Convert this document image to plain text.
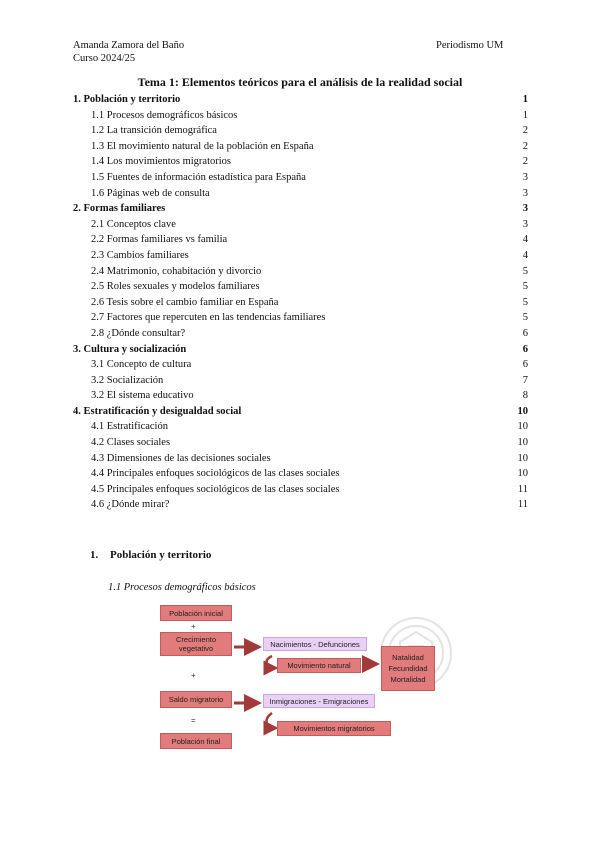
Amanda Zamora del Baño
Curso 2024/25
Periodismo UM
Tema 1: Elementos teóricos para el análisis de la realidad social
1. Población y territorio	1
1.1 Procesos demográficos básicos	1
1.2 La transición demográfica	2
1.3 El movimiento natural de la población en España	2
1.4 Los movimientos migratorios	2
1.5 Fuentes de información estadística para España	3
1.6 Páginas web de consulta	3
2. Formas familiares	3
2.1 Conceptos clave	3
2.2 Formas familiares vs familia	4
2.3 Cambios familiares	4
2.4 Matrimonio, cohabitación y divorcio	5
2.5 Roles sexuales y modelos familiares	5
2.6 Tesis sobre el cambio familiar en España	5
2.7 Factores que repercuten en las tendencias familiares	5
2.8 ¿Dónde consultar?	6
3. Cultura y socialización	6
3.1 Concepto de cultura	6
3.2 Socialización	7
3.2 El sistema educativo	8
4. Estratificación y desigualdad social	10
4.1 Estratificación	10
4.2 Clases sociales	10
4.3 Dimensiones de las decisiones sociales	10
4.4 Principales enfoques sociológicos de las clases sociales	10
4.5 Principales enfoques sociológicos de las clases sociales	11
4.6 ¿Dónde mirar?	11
1. Población y territorio
1.1 Procesos demográficos básicos
Población inicial
+
Crecimiento vegetativo
+
Saldo migratorio
=
Población final
Nacimientos - Defunciones
Movimiento natural
Inmigraciones - Emigraciones
Movimientos migratorios
Natalidad
Fecundidad
Mortalidad
